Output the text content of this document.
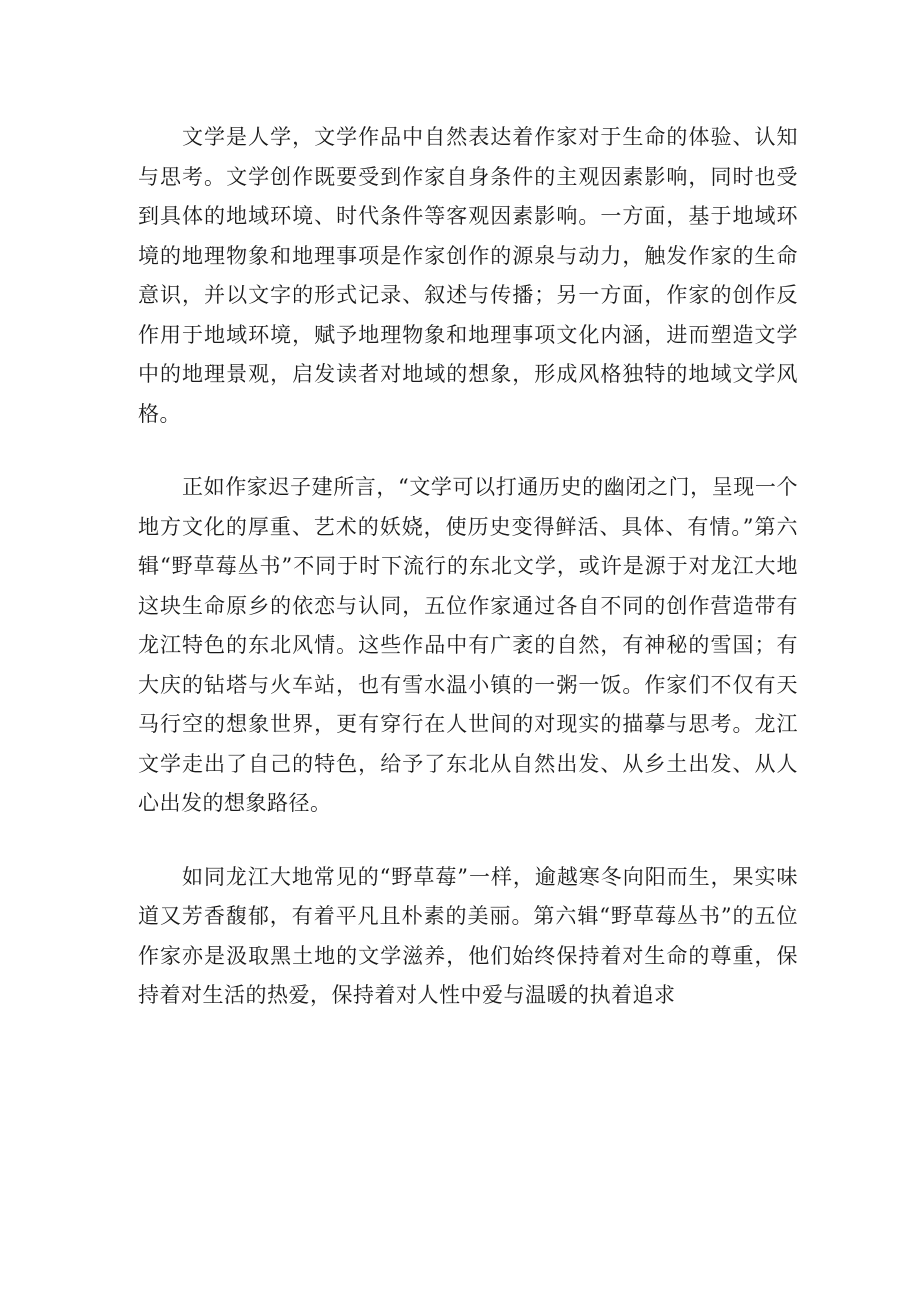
文学是人学，文学作品中自然表达着作家对于生命的体验、认知与思考。文学创作既要受到作家自身条件的主观因素影响，同时也受到具体的地域环境、时代条件等客观因素影响。一方面，基于地域环境的地理物象和地理事项是作家创作的源泉与动力，触发作家的生命意识，并以文字的形式记录、叙述与传播；另一方面，作家的创作反作用于地域环境，赋予地理物象和地理事项文化内涵，进而塑造文学中的地理景观，启发读者对地域的想象，形成风格独特的地域文学风格。

正如作家迟子建所言，“文学可以打通历史的幽闭之门，呈现一个地方文化的厚重、艺术的妖娆，使历史变得鲜活、具体、有情。”第六辑“野草莓丛书”不同于时下流行的东北文学，或许是源于对龙江大地这块生命原乡的依恋与认同，五位作家通过各自不同的创作营造带有龙江特色的东北风情。这些作品中有广袤的自然，有神秘的雪国；有大庆的钻塔与火车站，也有雪水温小镇的一粥一饭。作家们不仅有天马行空的想象世界，更有穿行在人世间的对现实的描摹与思考。龙江文学走出了自己的特色，给予了东北从自然出发、从乡土出发、从人心出发的想象路径。

如同龙江大地常见的“野草莓”一样，逾越寒冬向阳而生，果实味道又芳香馥郁，有着平凡且朴素的美丽。第六辑“野草莓丛书”的五位作家亦是汲取黑土地的文学滋养，他们始终保持着对生命的尊重，保持着对生活的热爱，保持着对人性中爱与温暖的执着追求
